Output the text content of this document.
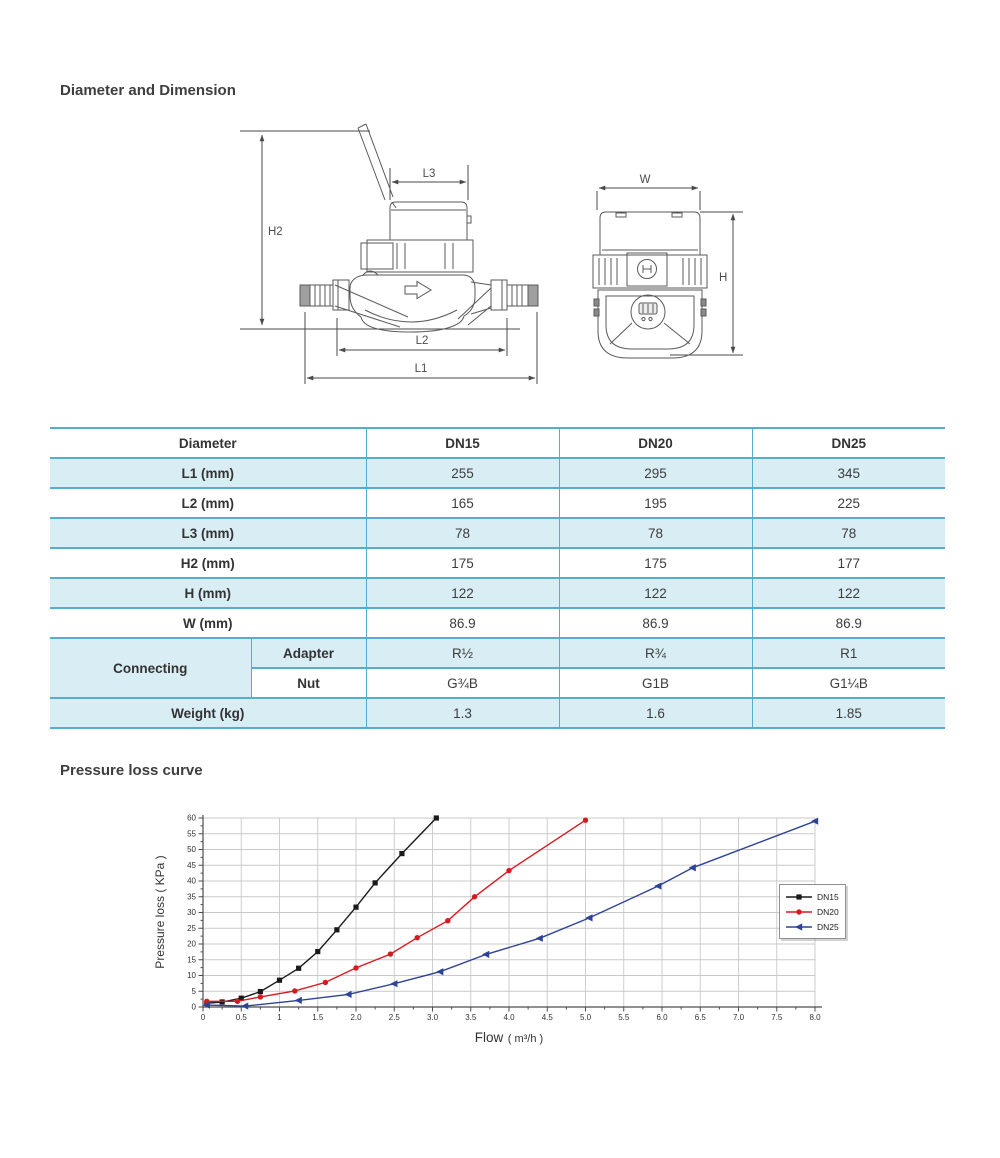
Diameter and Dimension
H2
L3
L2
L1
W
H
Diameter		DN15	DN20	DN25
L1 (mm)		255	295	345
L2 (mm)		165	195	225
L3 (mm)		78	78	78
H2 (mm)		175	175	177
H (mm)		122	122	122
W (mm)		86.9	86.9	86.9
Connecting	Adapter	R½	R¾	R1
	Nut	G¾B	G1B	G1¼B
Weight (kg)		1.3	1.6	1.85
Pressure loss curve
Pressure loss ( KPa )
0	0.5	1	1.5	2.0	2.5	3.0	3.5	4.0	4.5	5.0	5.5	6.0	6.5	7.0	7.5	8.0
0
5
10
15
20
25
30
35
40
45
50
55
60
Flow ( m³/h )
DN15
DN20
DN25
